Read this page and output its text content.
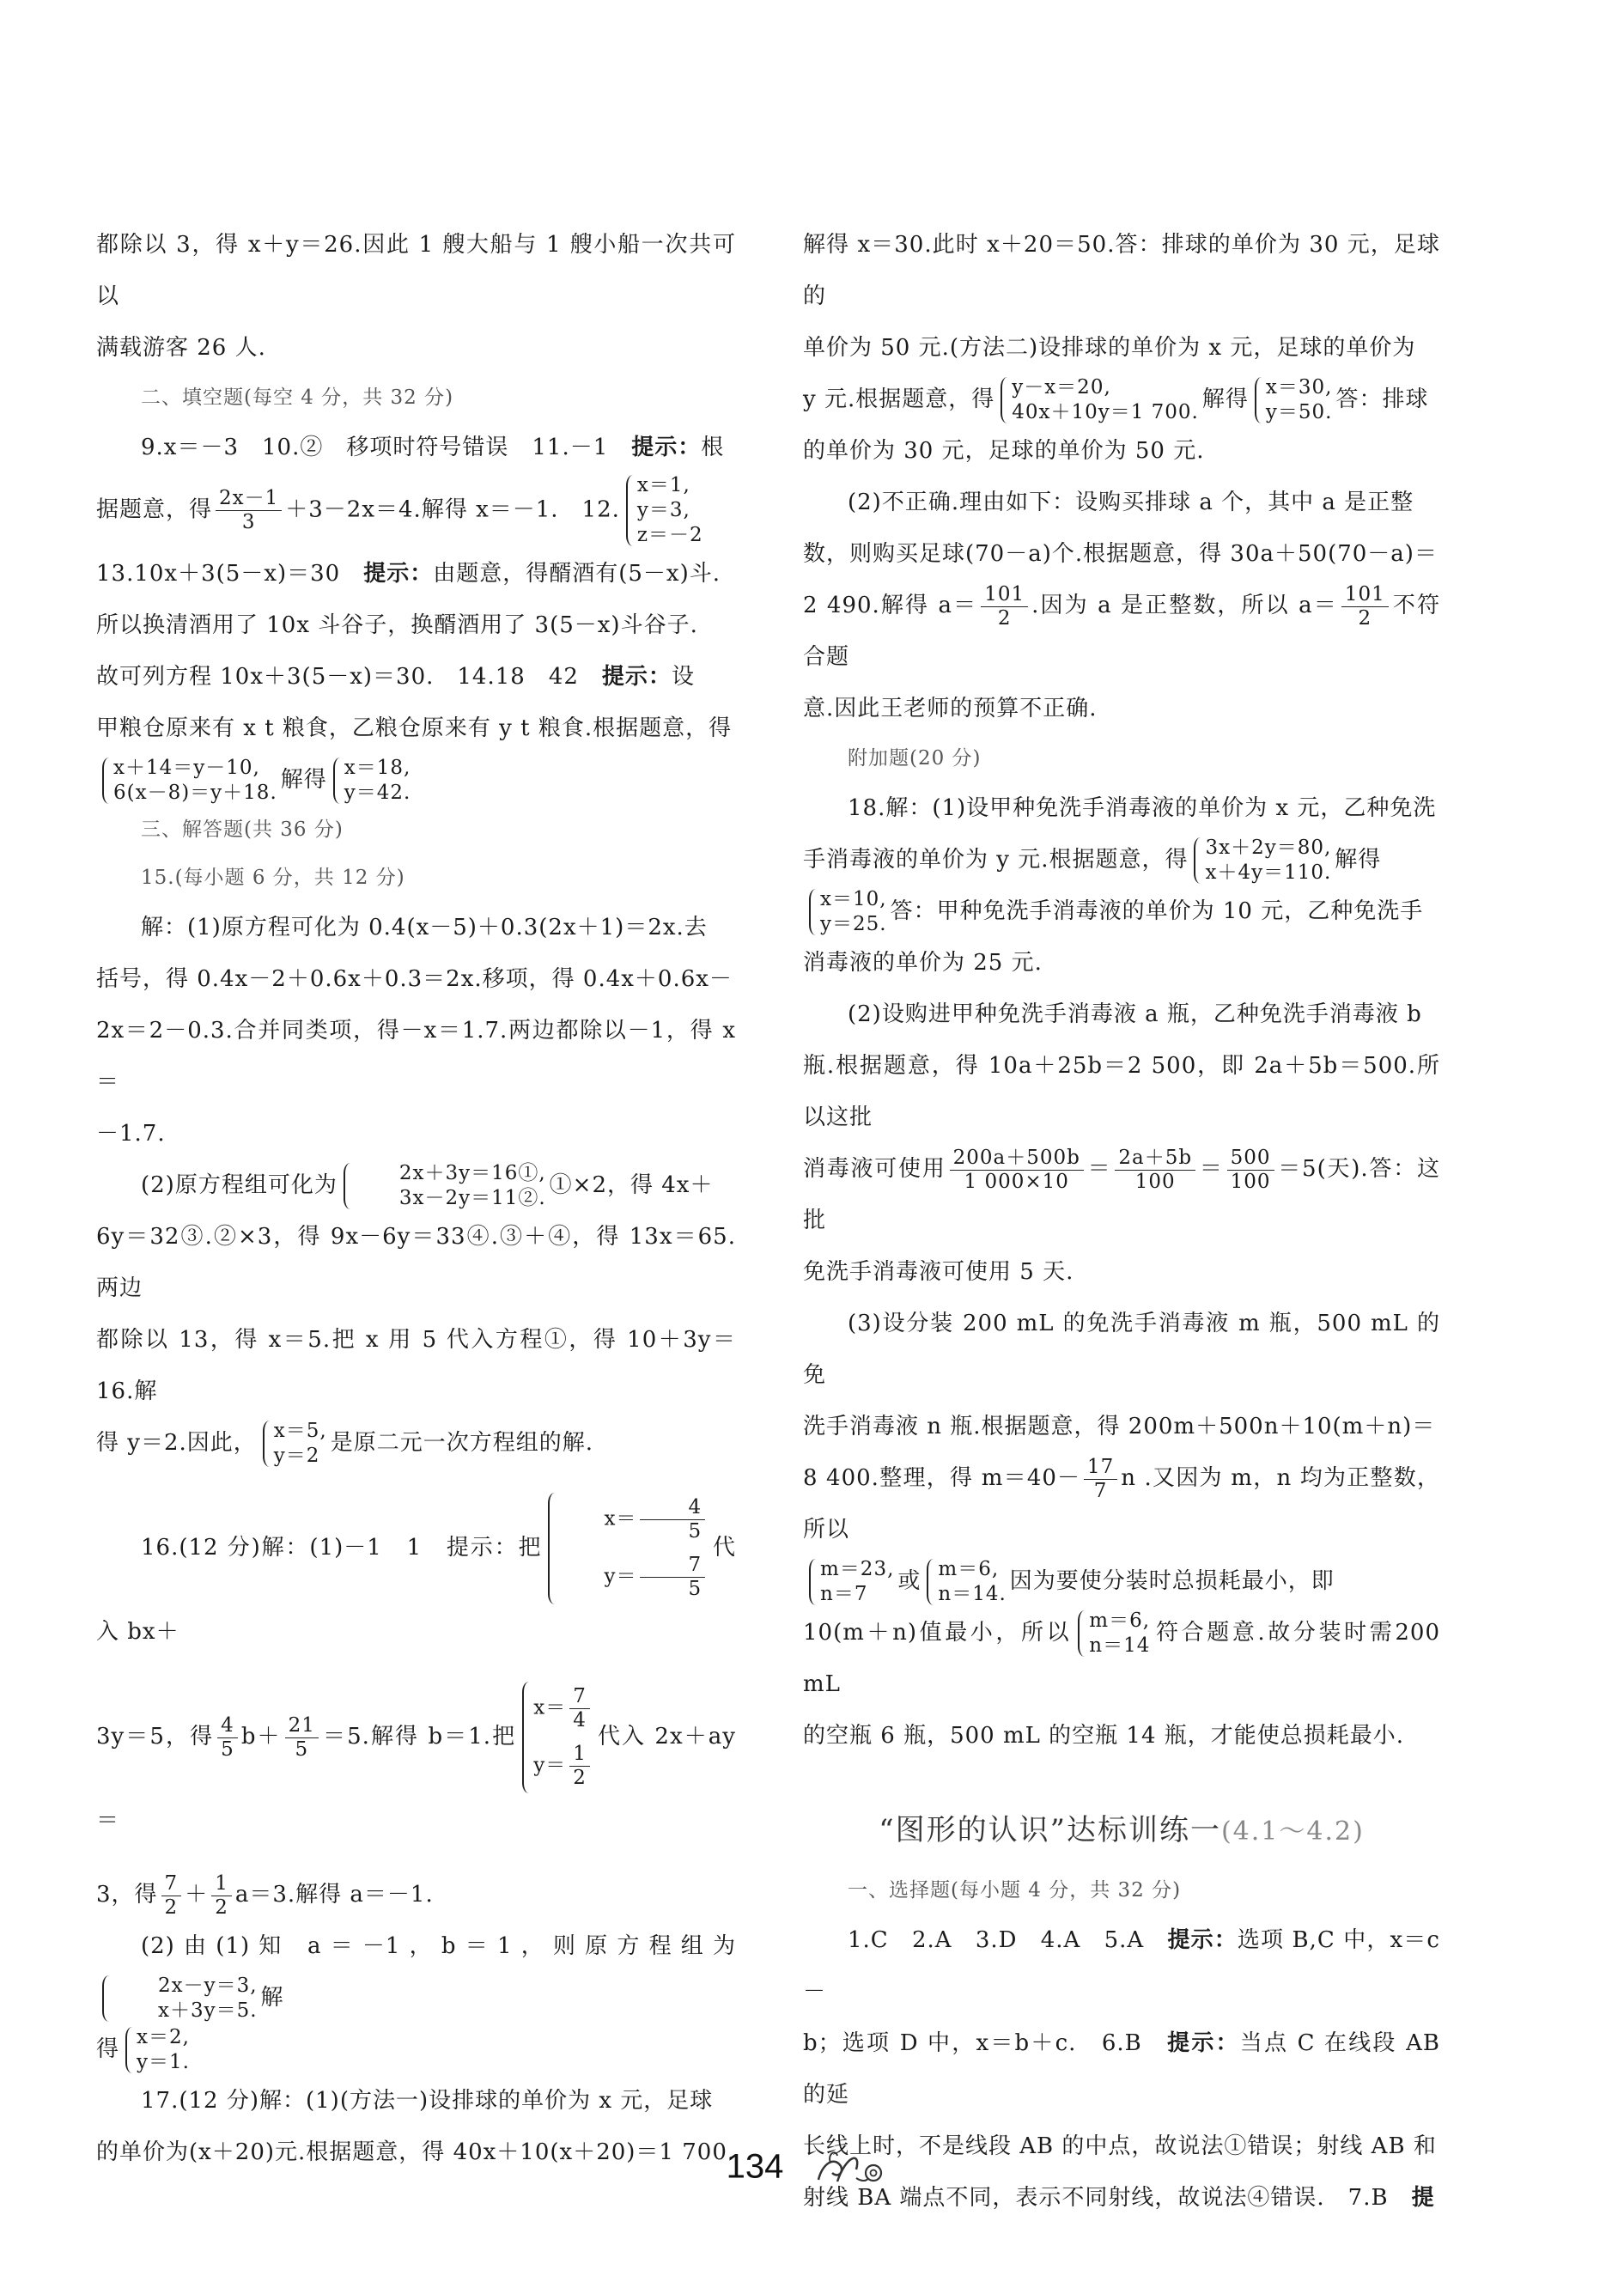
都除以 3，得 x＋y＝26.因此 1 艘大船与 1 艘小船一次共可以

满载游客 26 人.

二、填空题(每空 4 分，共 32 分)

9.x＝－3　10.②　移项时符号错误　11.－1　提示：根

据题意，得 $\frac{2x-1}{3} +3-2x=4$.解得 x＝－1.　12.
x＝1,
y＝3,
z＝－2

13.10x＋3(5－x)＝30　提示：由题意，得醑酒有(5－x)斗.

所以换清酒用了 10x 斗谷子，换醑酒用了 3(5－x)斗谷子.

故可列方程 10x＋3(5－x)＝30.　14.18　42　提示：设

甲粮仓原来有 x t 粮食，乙粮仓原来有 y t 粮食.根据题意，得

x＋14＝y－10,
6(x－8)＝y＋18. 解得 x＝18,
y＝42.

三、解答题(共 36 分)

15.(每小题 6 分，共 12 分)

解：(1)原方程可化为 0.4(x－5)＋0.3(2x＋1)＝2x.去

括号，得 0.4x－2＋0.6x＋0.3＝2x.移项，得 0.4x＋0.6x－

2x＝2－0.3.合并同类项，得－x＝1.7.两边都除以－1，得 x＝

－1.7.

(2)原方程组可化为	2x＋3y＝16①,
3x－2y＝11②. ①×2，得 4x＋

6y＝32③.②×3，得 9x－6y＝33④.③＋④，得 13x＝65.两边

都除以 13，得 x＝5.把 x 用 5 代入方程①，得 10＋3y＝16.解

得 y＝2.因此， x＝5,
y＝2 是原二元一次方程组的解.

16.(12 分)解：(1)－1　1　提示：把
$x= \frac{4}{5}$
$y= \frac{7}{5}$
代入 bx＋

3y＝5，得 $\frac{4}{5} b+ \frac{21}{5} =5$.解得 b＝1.把
$x= \frac{7}{4}$
$y= \frac{1}{2}$
代入 2x＋ay＝

3，得 $\frac{7}{2} + \frac{1}{2} a=3$.解得 a＝－1.

(2)由(1)知 a＝－1，b＝1，则原方程组为
2x－y＝3,
x＋3y＝5. 解

得 x＝2,
y＝1.

17.(12 分)解：(1)(方法一)设排球的单价为 x 元，足球

的单价为(x＋20)元.根据题意，得 40x＋10(x＋20)＝1 700.

解得 x＝30.此时 x＋20＝50.答：排球的单价为 30 元，足球的

单价为 50 元.(方法二)设排球的单价为 x 元，足球的单价为

y 元.根据题意，得 y－x＝20,
40x＋10y＝1 700. 解得 x＝30,
y＝50. 答：排球

的单价为 30 元，足球的单价为 50 元.

(2)不正确.理由如下：设购买排球 a 个，其中 a 是正整

数，则购买足球(70－a)个.根据题意，得 30a＋50(70－a)＝

2 490.解得 $a= \frac{101}{2}$ .因为 a 是正整数，所以 $a= \frac{101}{2}$ 不符合题

意.因此王老师的预算不正确.

附加题(20 分)

18.解：(1)设甲种免洗手消毒液的单价为 x 元，乙种免洗

手消毒液的单价为 y 元.根据题意，得 3x＋2y＝80,
x＋4y＝110. 解得

x＝10,
y＝25. 答：甲种免洗手消毒液的单价为 10 元，乙种免洗手

消毒液的单价为 25 元.

(2)设购进甲种免洗手消毒液 a 瓶，乙种免洗手消毒液 b

瓶.根据题意，得 10a＋25b＝2 500，即 2a＋5b＝500.所以这批

消毒液可使用 $\frac{200a+500b}{1 000\times 10} = \frac{2a+5b}{100} = \frac{500}{100} =5$(天).答：这批

免洗手消毒液可使用 5 天.

(3)设分装 200 mL 的免洗手消毒液 m 瓶，500 mL 的免

洗手消毒液 n 瓶.根据题意，得 200m＋500n＋10(m＋n)＝

8 400.整理，得 $m=40- \frac{17}{7}$ n .又因为 m，n 均为正整数，所以

m＝23,
n＝7	或 m＝6,
n＝14. 因为要使分装时总损耗最小，即

10(m＋n)值最小，所以 m＝6,
n＝14 符合题意.故分装时需200 mL

的空瓶 6 瓶，500 mL 的空瓶 14 瓶，才能使总损耗最小.

“图形的认识”达标训练一(4.1～4.2)

一、选择题(每小题 4 分，共 32 分)

1.C　2.A　3.D　4.A　5.A　提示：选项 B,C 中，x＝c－

b；选项 D 中，x＝b＋c.　6.B　提示：当点 C 在线段 AB 的延

长线上时，不是线段 AB 的中点，故说法①错误；射线 AB 和

射线 BA 端点不同，表示不同射线，故说法④错误.　7.B　提

134
